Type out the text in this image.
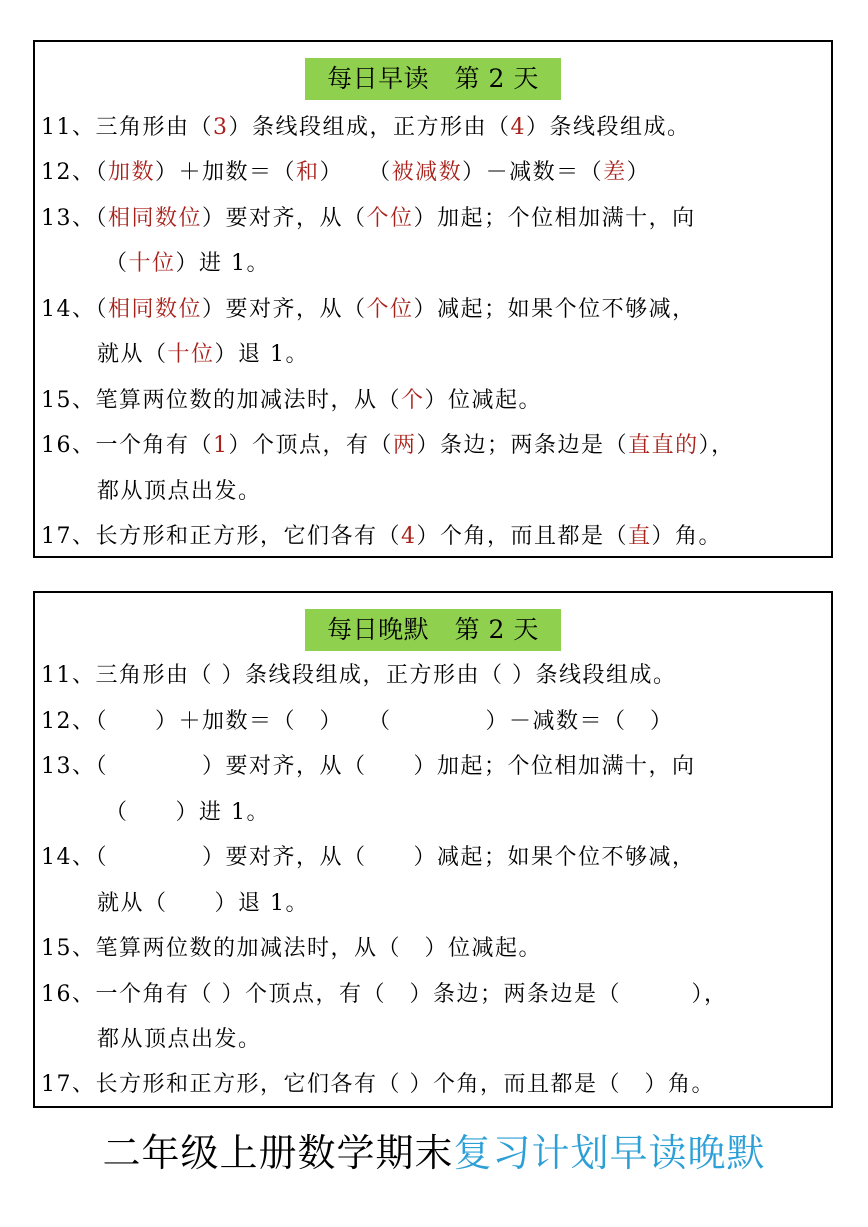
每日早读　第 2 天
11、三角形由（3）条线段组成，正方形由（4）条线段组成。
12、（加数）＋加数＝（和）　　（被减数）－减数＝（差）
13、（相同数位）要对齐，从（个位）加起；个位相加满十，向
（十位）进 1。
14、（相同数位）要对齐，从（个位）减起；如果个位不够减，
就从（十位）退 1。
15、笔算两位数的加减法时，从（个）位减起。
16、一个角有（1）个顶点，有（两）条边；两条边是（直直的），
都从顶点出发。
17、长方形和正方形，它们各有（4）个角，而且都是（直）角。
每日晚默　第 2 天
11、三角形由（ ）条线段组成，正方形由（ ）条线段组成。
12、（　　）＋加数＝（　）　　（　　　　）－减数＝（　）
13、（　　　　）要对齐，从（　　）加起；个位相加满十，向
（　　）进 1。
14、（　　　　）要对齐，从（　　）减起；如果个位不够减，
就从（　　）退 1。
15、笔算两位数的加减法时，从（　）位减起。
16、一个角有（ ）个顶点，有（　）条边；两条边是（　　　），
都从顶点出发。
17、长方形和正方形，它们各有（ ）个角，而且都是（　）角。
二年级上册数学期末复习计划早读晚默
